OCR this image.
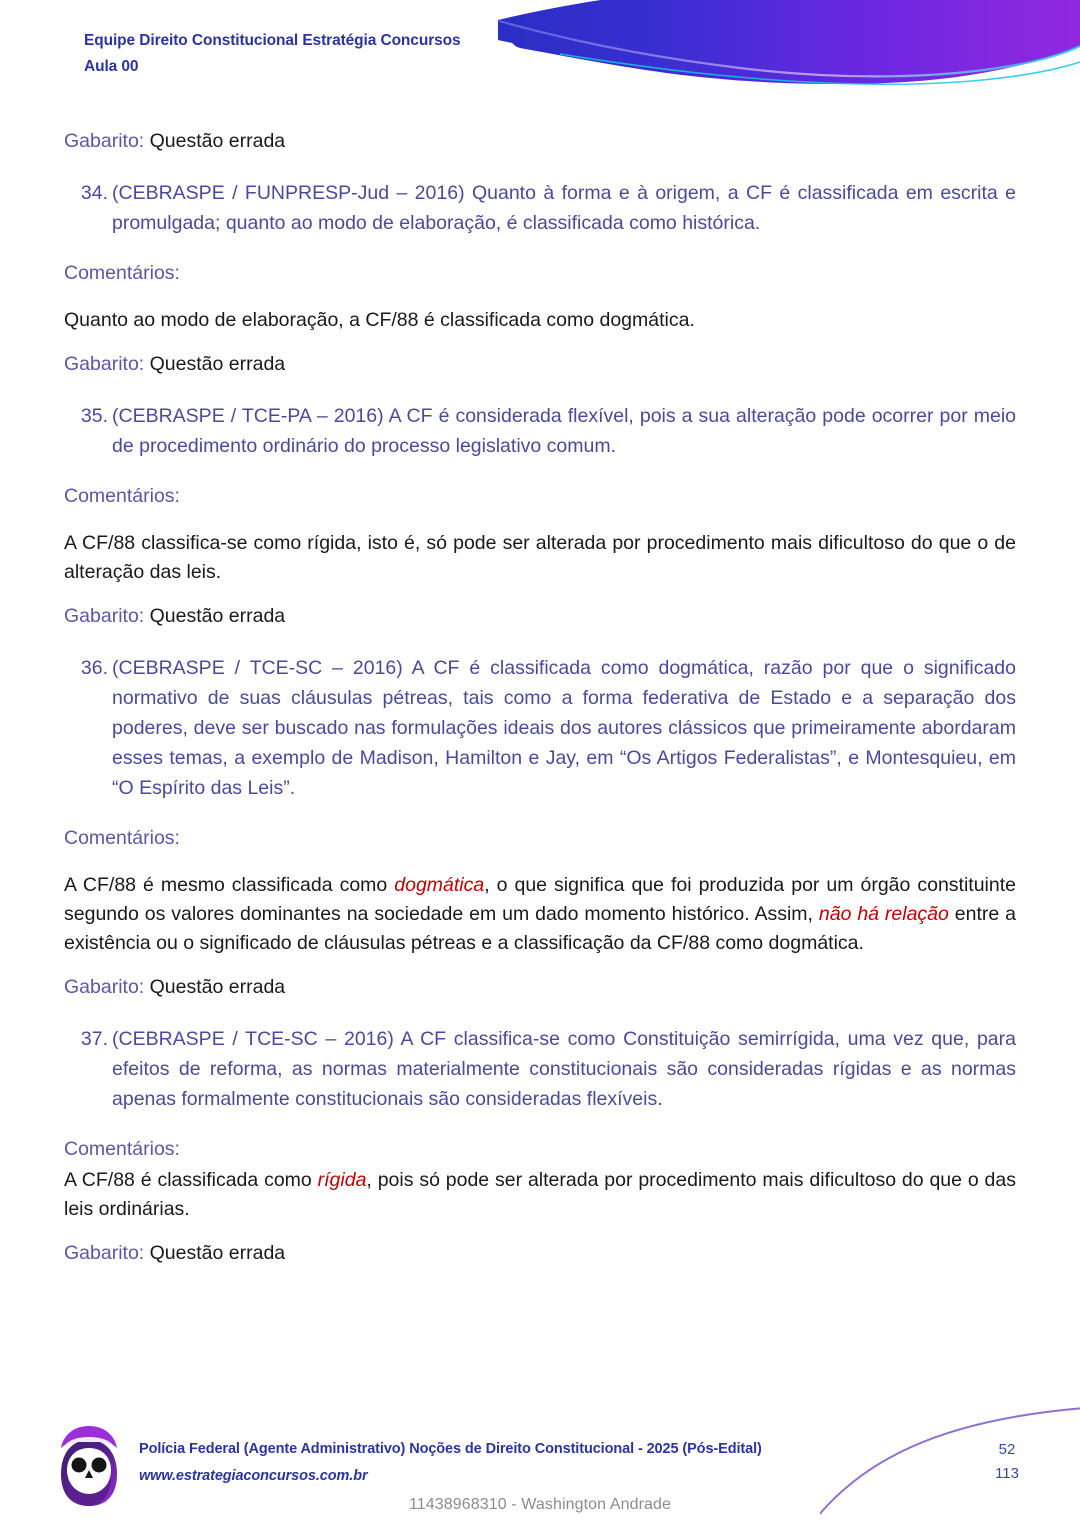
Equipe Direito Constitucional Estratégia Concursos
Aula 00

Gabarito: Questão errada

34. (CEBRASPE / FUNPRESP-Jud – 2016) Quanto à forma e à origem, a CF é classificada em escrita e promulgada; quanto ao modo de elaboração, é classificada como histórica.

Comentários:

Quanto ao modo de elaboração, a CF/88 é classificada como dogmática.

Gabarito: Questão errada

35. (CEBRASPE / TCE-PA – 2016) A CF é considerada flexível, pois a sua alteração pode ocorrer por meio de procedimento ordinário do processo legislativo comum.

Comentários:

A CF/88 classifica-se como rígida, isto é, só pode ser alterada por procedimento mais dificultoso do que o de alteração das leis.

Gabarito: Questão errada

36. (CEBRASPE / TCE-SC – 2016) A CF é classificada como dogmática, razão por que o significado normativo de suas cláusulas pétreas, tais como a forma federativa de Estado e a separação dos poderes, deve ser buscado nas formulações ideais dos autores clássicos que primeiramente abordaram esses temas, a exemplo de Madison, Hamilton e Jay, em “Os Artigos Federalistas”, e Montesquieu, em “O Espírito das Leis”.

Comentários:

A CF/88 é mesmo classificada como dogmática, o que significa que foi produzida por um órgão constituinte segundo os valores dominantes na sociedade em um dado momento histórico. Assim, não há relação entre a existência ou o significado de cláusulas pétreas e a classificação da CF/88 como dogmática.

Gabarito: Questão errada

37. (CEBRASPE / TCE-SC – 2016) A CF classifica-se como Constituição semirrígida, uma vez que, para efeitos de reforma, as normas materialmente constitucionais são consideradas rígidas e as normas apenas formalmente constitucionais são consideradas flexíveis.

Comentários:

A CF/88 é classificada como rígida, pois só pode ser alterada por procedimento mais dificultoso do que o das leis ordinárias.

Gabarito: Questão errada

Polícia Federal (Agente Administrativo) Noções de Direito Constitucional - 2025 (Pós-Edital)
www.estrategiaconcursos.com.br
52
113
11438968310 - Washington Andrade
